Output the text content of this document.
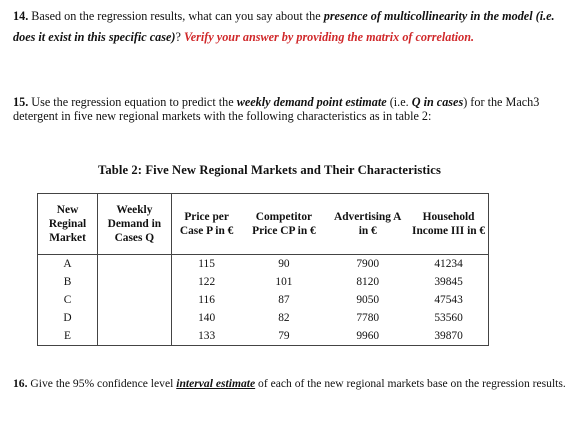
14. Based on the regression results, what can you say about the presence of multicollinearity in the model (i.e. does it exist in this specific case)? Verify your answer by providing the matrix of correlation.
15. Use the regression equation to predict the weekly demand point estimate (i.e. Q in cases) for the Mach3 detergent in five new regional markets with the following characteristics as in table 2:
Table 2: Five New Regional Markets and Their Characteristics
New Reginal Market	Weekly Demand in Cases Q	Price per Case P in €	Competitor Price CP in €	Advertising A in €	Household Income III in €
A		115	90	7900	41234
B		122	101	8120	39845
C		116	87	9050	47543
D		140	82	7780	53560
E		133	79	9960	39870
16. Give the 95% confidence level interval estimate of each of the new regional markets base on the regression results.
